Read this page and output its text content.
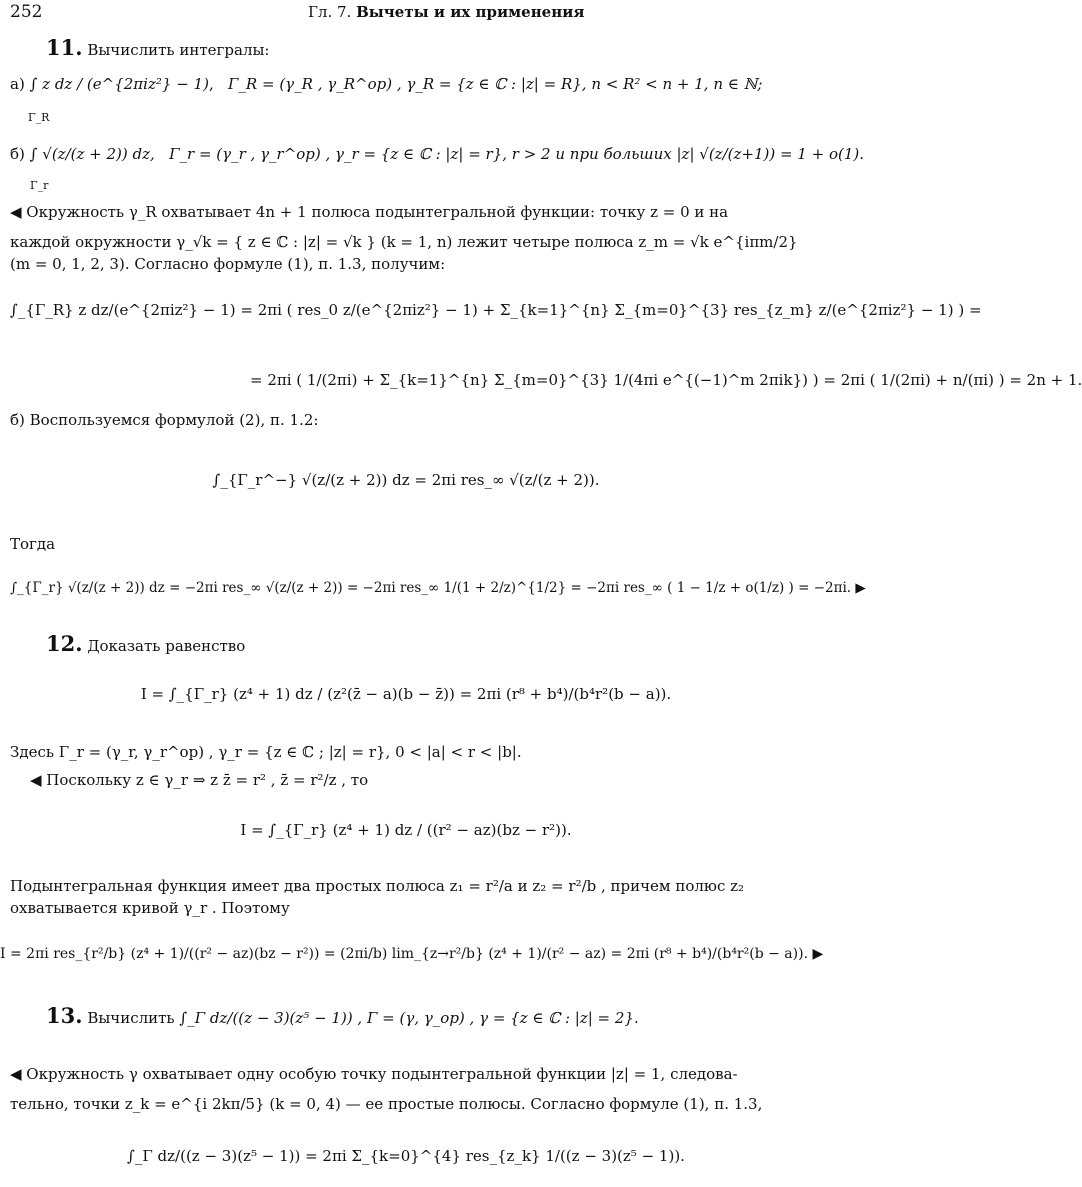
252	Гл. 7. Вычеты и их применения
11. Вычислить интегралы:
а) ∫ z dz / (e^{2πiz²} − 1),   Γ_R = (γ_R , γ_R^op) , γ_R = {z ∈ ℂ : |z| = R}, n < R² < n + 1, n ∈ ℕ;
Γ_R
б) ∫ √(z/(z + 2)) dz, Γ_r = (γ_r , γ_r^op) , γ_r = {z ∈ ℂ : |z| = r}, r > 2 и при больших |z| √(z/(z+1)) = 1 + o(1).
Γ_r
◀ Окружность γ_R охватывает 4n + 1 полюса подынтегральной функции: точку z = 0 и на
каждой окружности γ_√k = { z ∈ ℂ : |z| = √k } (k = 1, n) лежит четыре полюса z_m = √k e^{iπm/2}
(m = 0, 1, 2, 3). Согласно формуле (1), п. 1.3, получим:
∫_{Γ_R} z dz/(e^{2πiz²} − 1) = 2πi ( res_0 z/(e^{2πiz²} − 1) + Σ_{k=1}^{n} Σ_{m=0}^{3} res_{z_m} z/(e^{2πiz²} − 1) ) =
= 2πi ( 1/(2πi) + Σ_{k=1}^{n} Σ_{m=0}^{3} 1/(4πi e^{(−1)^m 2πik}) ) = 2πi ( 1/(2πi) + n/(πi) ) = 2n + 1.
б) Воспользуемся формулой (2), п. 1.2:
∫_{Γ_r^−} √(z/(z + 2)) dz = 2πi res_∞ √(z/(z + 2)).
Тогда
∫_{Γ_r} √(z/(z + 2)) dz = −2πi res_∞ √(z/(z + 2)) = −2πi res_∞ 1/(1 + 2/z)^{1/2} = −2πi res_∞ ( 1 − 1/z + o(1/z) ) = −2πi. ▶
12. Доказать равенство
I = ∫_{Γ_r} (z⁴ + 1) dz / (z²(z̄ − a)(b − z̄)) = 2πi (r⁸ + b⁴)/(b⁴r²(b − a)).
Здесь Γ_r = (γ_r, γ_r^op) , γ_r = {z ∈ ℂ ; |z| = r}, 0 < |a| < r < |b|.
◀ Поскольку z ∈ γ_r ⇒ z z̄ = r² , z̄ = r²/z , то
I = ∫_{Γ_r} (z⁴ + 1) dz / ((r² − az)(bz − r²)).
Подынтегральная функция имеет два простых полюса z₁ = r²/a и z₂ = r²/b , причем полюс z₂
охватывается кривой γ_r . Поэтому
I = 2πi res_{r²/b} (z⁴ + 1)/((r² − az)(bz − r²)) = (2πi/b) lim_{z→r²/b} (z⁴ + 1)/(r² − az) = 2πi (r⁸ + b⁴)/(b⁴r²(b − a)). ▶
13. Вычислить ∫_Γ dz/((z − 3)(z⁵ − 1)) , Γ = (γ, γ_op) , γ = {z ∈ ℂ : |z| = 2}.
◀ Окружность γ охватывает одну особую точку подынтегральной функции |z| = 1, следова-
тельно, точки z_k = e^{i 2kπ/5} (k = 0, 4) — ее простые полюсы. Согласно формуле (1), п. 1.3,
∫_Γ dz/((z − 3)(z⁵ − 1)) = 2πi Σ_{k=0}^{4} res_{z_k} 1/((z − 3)(z⁵ − 1)).
